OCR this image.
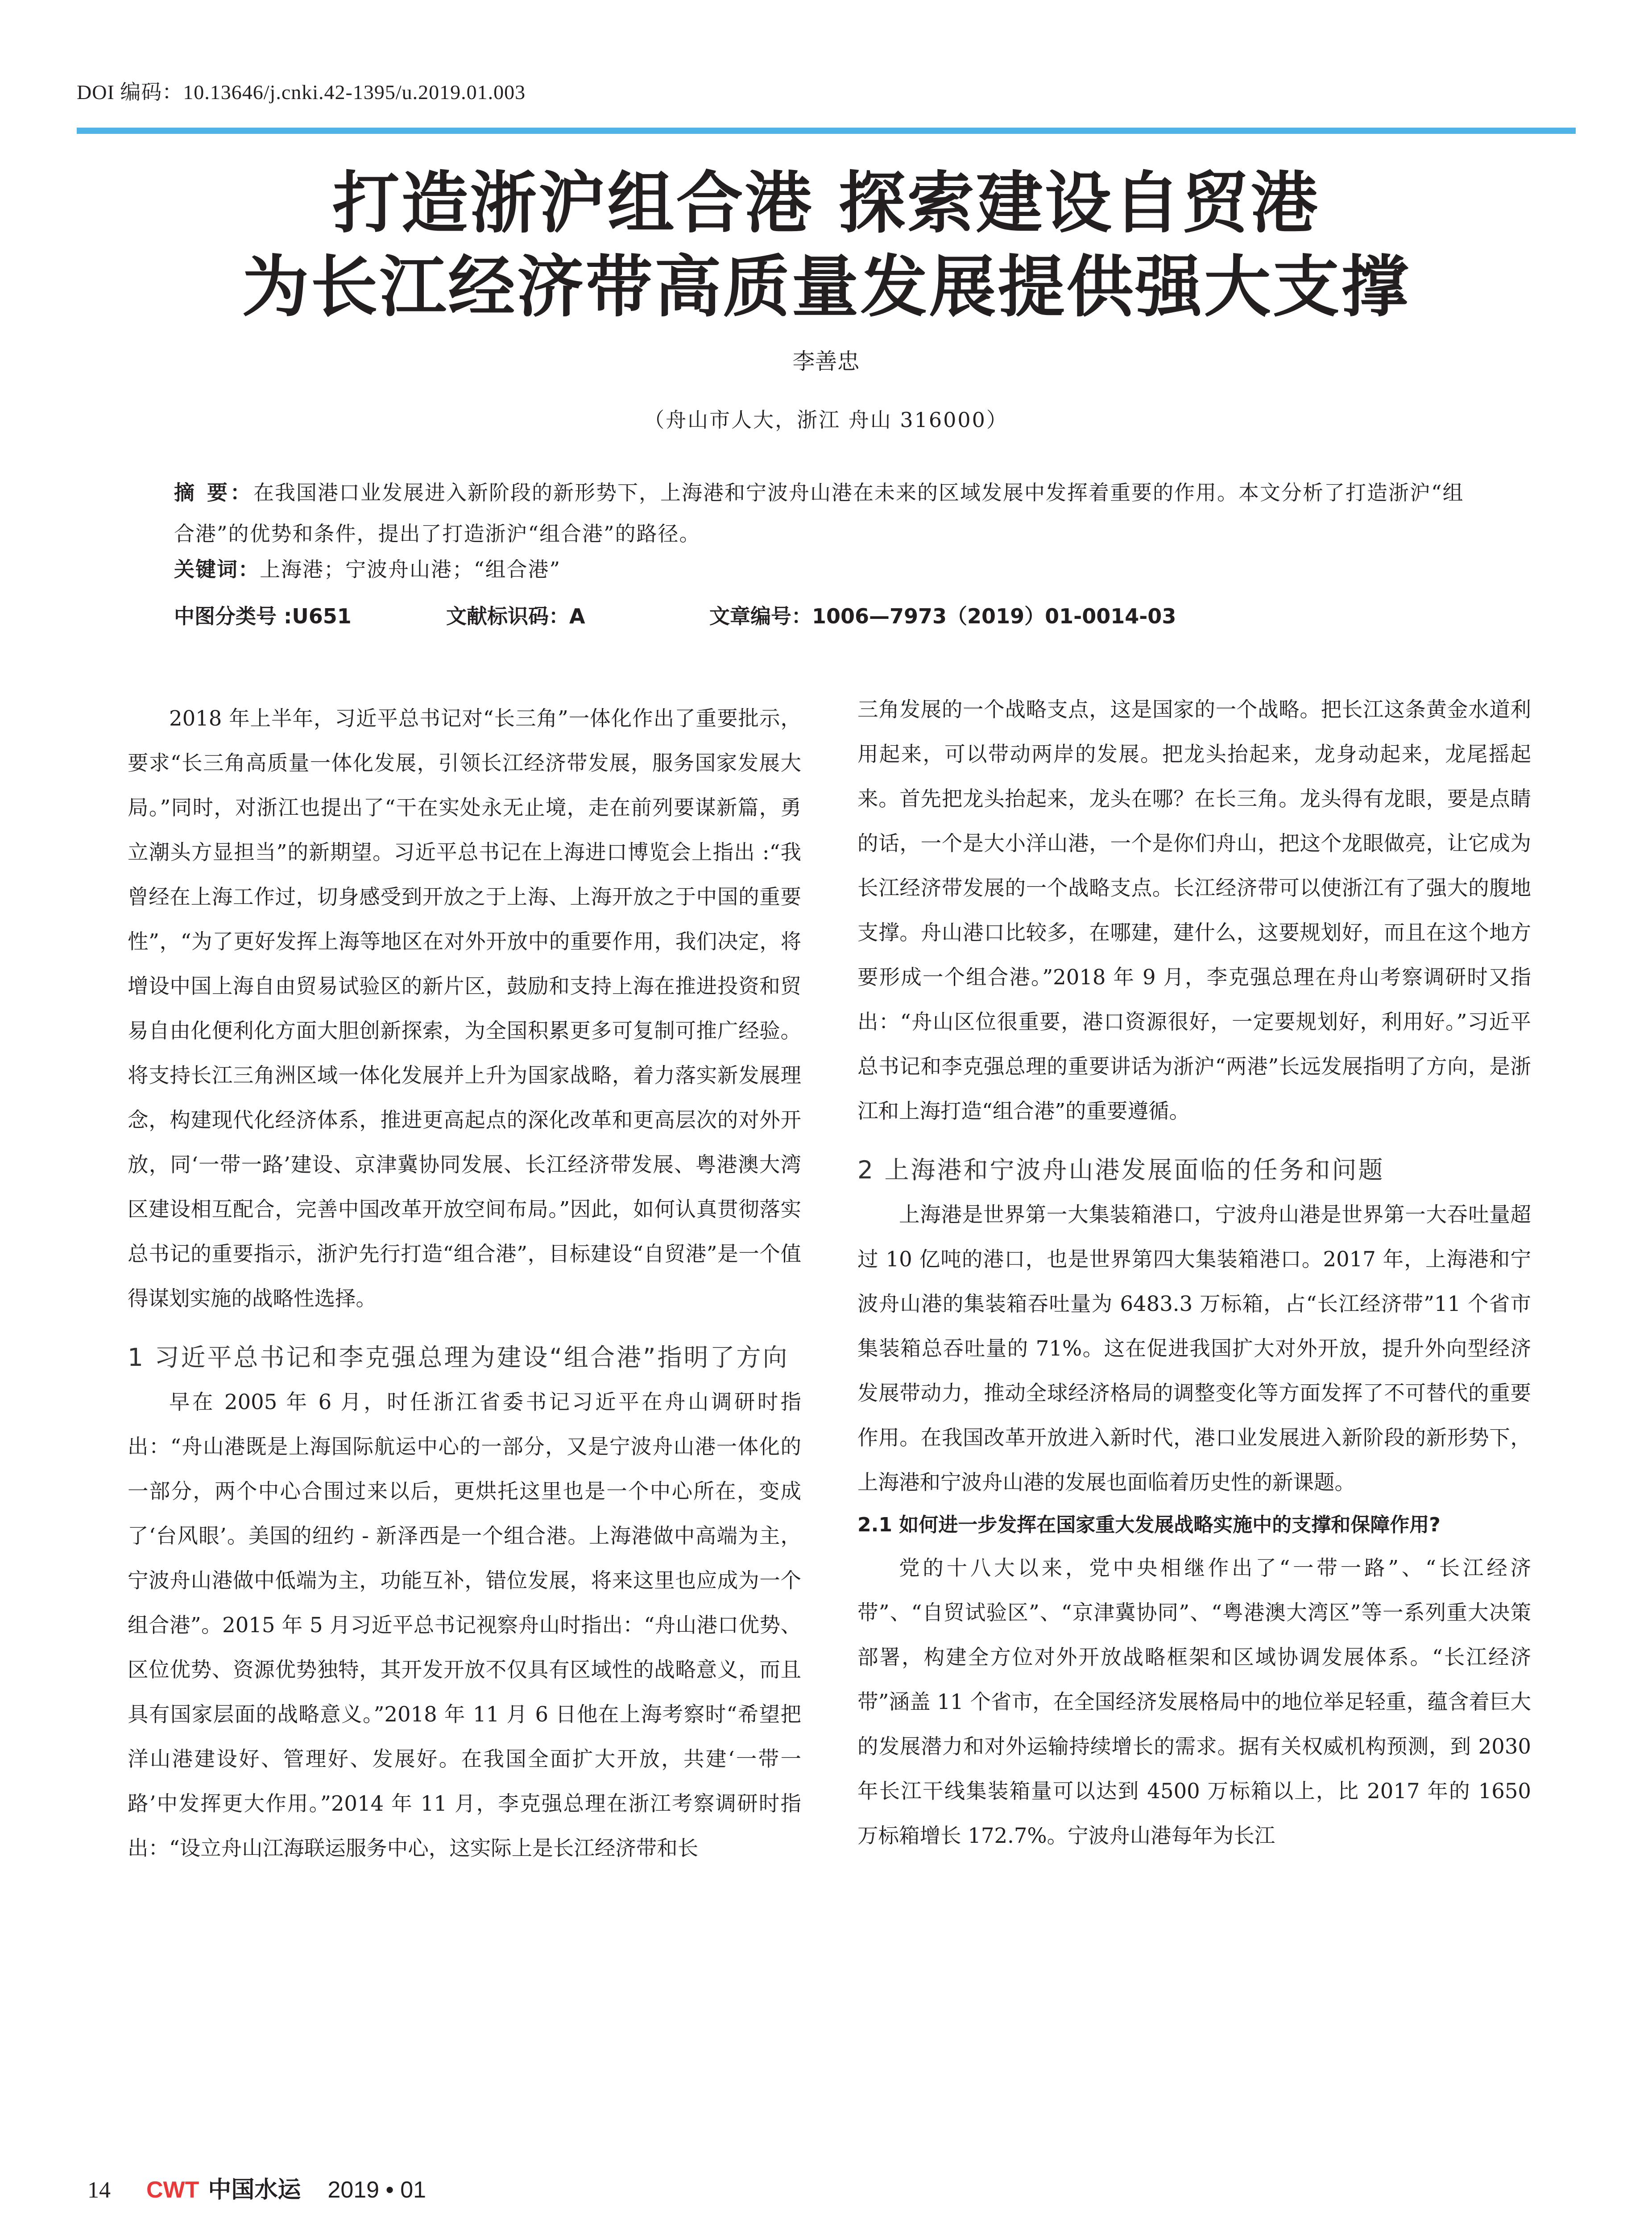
DOI 编码：10.13646/j.cnki.42-1395/u.2019.01.003
打造浙沪组合港 探索建设自贸港
为长江经济带高质量发展提供强大支撑
李善忠
（舟山市人大，浙江 舟山 316000）
摘 要：在我国港口业发展进入新阶段的新形势下，上海港和宁波舟山港在未来的区域发展中发挥着重要的作用。本文分析了打造浙沪“组合港”的优势和条件，提出了打造浙沪“组合港”的路径。
关键词：上海港；宁波舟山港；“组合港”
中图分类号 :U651	文献标识码：A	文章编号：1006—7973（2019）01-0014-03

2018 年上半年，习近平总书记对“长三角”一体化作出了重要批示，要求“长三角高质量一体化发展，引领长江经济带发展，服务国家发展大局。”同时，对浙江也提出了“干在实处永无止境，走在前列要谋新篇，勇立潮头方显担当”的新期望。习近平总书记在上海进口博览会上指出 :“我曾经在上海工作过，切身感受到开放之于上海、上海开放之于中国的重要性”，“为了更好发挥上海等地区在对外开放中的重要作用，我们决定，将增设中国上海自由贸易试验区的新片区，鼓励和支持上海在推进投资和贸易自由化便利化方面大胆创新探索，为全国积累更多可复制可推广经验。将支持长江三角洲区域一体化发展并上升为国家战略，着力落实新发展理念，构建现代化经济体系，推进更高起点的深化改革和更高层次的对外开放，同‘一带一路’建设、京津冀协同发展、长江经济带发展、粤港澳大湾区建设相互配合，完善中国改革开放空间布局。”因此，如何认真贯彻落实总书记的重要指示，浙沪先行打造“组合港”，目标建设“自贸港”是一个值得谋划实施的战略性选择。

1 习近平总书记和李克强总理为建设“组合港”指明了方向

早在 2005 年 6 月，时任浙江省委书记习近平在舟山调研时指出：“舟山港既是上海国际航运中心的一部分，又是宁波舟山港一体化的一部分，两个中心合围过来以后，更烘托这里也是一个中心所在，变成了‘台风眼’。美国的纽约 - 新泽西是一个组合港。上海港做中高端为主，宁波舟山港做中低端为主，功能互补，错位发展，将来这里也应成为一个组合港”。2015 年 5 月习近平总书记视察舟山时指出：“舟山港口优势、区位优势、资源优势独特，其开发开放不仅具有区域性的战略意义，而且具有国家层面的战略意义。”2018 年 11 月 6 日他在上海考察时“希望把洋山港建设好、管理好、发展好。在我国全面扩大开放，共建‘一带一路’中发挥更大作用。”2014 年 11 月，李克强总理在浙江考察调研时指出：“设立舟山江海联运服务中心，这实际上是长江经济带和长

三角发展的一个战略支点，这是国家的一个战略。把长江这条黄金水道利用起来，可以带动两岸的发展。把龙头抬起来，龙身动起来，龙尾摇起来。首先把龙头抬起来，龙头在哪？在长三角。龙头得有龙眼，要是点睛的话，一个是大小洋山港，一个是你们舟山，把这个龙眼做亮，让它成为长江经济带发展的一个战略支点。长江经济带可以使浙江有了强大的腹地支撑。舟山港口比较多，在哪建，建什么，这要规划好，而且在这个地方要形成一个组合港。”2018 年 9 月，李克强总理在舟山考察调研时又指出：“舟山区位很重要，港口资源很好，一定要规划好，利用好。”习近平总书记和李克强总理的重要讲话为浙沪“两港”长远发展指明了方向，是浙江和上海打造“组合港”的重要遵循。

2 上海港和宁波舟山港发展面临的任务和问题

上海港是世界第一大集装箱港口，宁波舟山港是世界第一大吞吐量超过 10 亿吨的港口，也是世界第四大集装箱港口。2017 年，上海港和宁波舟山港的集装箱吞吐量为 6483.3 万标箱，占“长江经济带”11 个省市集装箱总吞吐量的 71%。这在促进我国扩大对外开放，提升外向型经济发展带动力，推动全球经济格局的调整变化等方面发挥了不可替代的重要作用。在我国改革开放进入新时代，港口业发展进入新阶段的新形势下，上海港和宁波舟山港的发展也面临着历史性的新课题。

2.1 如何进一步发挥在国家重大发展战略实施中的支撑和保障作用?

党的十八大以来，党中央相继作出了“一带一路”、“长江经济带”、“自贸试验区”、“京津冀协同”、“粤港澳大湾区”等一系列重大决策部署，构建全方位对外开放战略框架和区域协调发展体系。“长江经济带”涵盖 11 个省市，在全国经济发展格局中的地位举足轻重，蕴含着巨大的发展潜力和对外运输持续增长的需求。据有关权威机构预测，到 2030 年长江干线集装箱量可以达到 4500 万标箱以上，比 2017 年的 1650 万标箱增长 172.7%。宁波舟山港每年为长江

14 CWT 中国水运 2019 • 01
